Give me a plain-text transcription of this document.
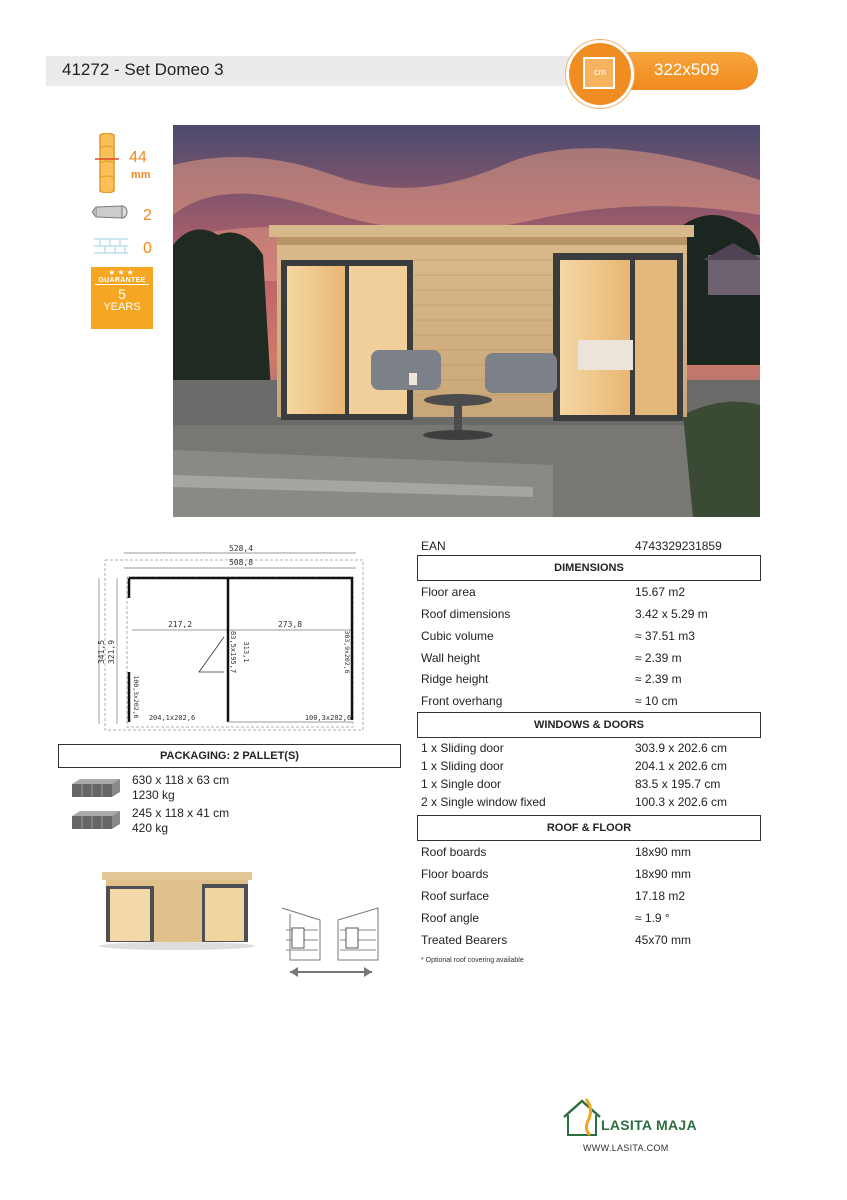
41272 - Set Domeo 3	322x509
cm
44
mm
2
0
★★★
GUARANTEE
5
YEARS
528,4
508,8
217,2	273,8
204,1x202,6	100,3x202,6
341,5 321,9	83,5x195,7 313,1	303,9x202,6
100,3x202,6
PACKAGING: 2 PALLET(S)
630 x 118 x 63 cm
1230 kg
245 x 118 x 41 cm
420 kg
EAN	4743329231859
DIMENSIONS
Floor area	15.67 m2
Roof dimensions	3.42 x 5.29 m
Cubic volume	≈ 37.51 m3
Wall height	≈ 2.39 m
Ridge height	≈ 2.39 m
Front overhang	≈ 10 cm
WINDOWS & DOORS
1 x Sliding door	303.9 x 202.6 cm
1 x Sliding door	204.1 x 202.6 cm
1 x Single door	83.5 x 195.7 cm
2 x Single window fixed	100.3 x 202.6 cm
ROOF & FLOOR
Roof boards	18x90 mm
Floor boards	18x90 mm
Roof surface	17.18 m2
Roof angle	≈ 1.9 °
Treated Bearers	45x70 mm
* Optional roof covering available
LASITA MAJA
WWW.LASITA.COM
